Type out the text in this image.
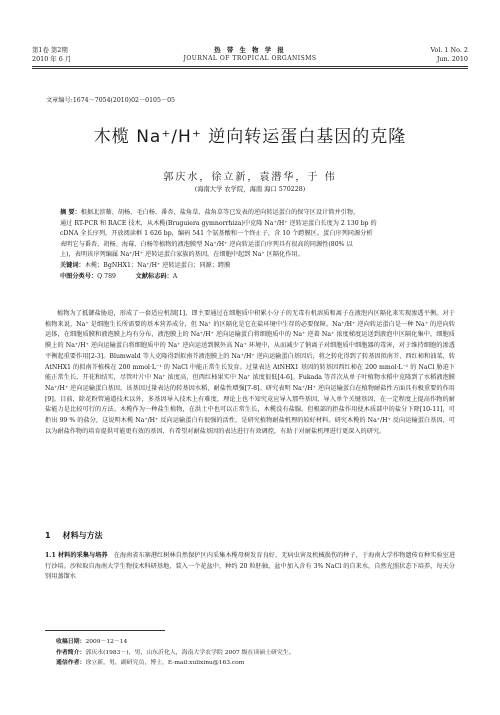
第1卷 第2期
2010 年 6 月
热 带 生 物 学 报
JOURNAL OF TROPICAL ORGANISMS
Vol. 1 No. 2
Jun. 2010
文章编号:1674－7054(2010)02－0105－05
木榄 Na⁺/H⁺ 逆向转运蛋白基因的克隆
郭庆水，徐立新，袁潜华，于 伟
(海南大学 农学院，海南 海口 570228)
摘 要：根据北滨藜、胡杨、毛白杨、番杏、盐角草、盐角草等已发表的逆向转运蛋白的保守区设计简并引物，
通过 RT-PCR 和 RACE 技术，从木榄(Bruguiera gymnorrhiza)中克隆 Na⁺/H⁺ 逆转运蛋白长度为 2 130 bp 的
cDNA 全长序列，开放阅读框 1 626 bp，编码 541 个氨基酸和一个终止子，含 10 个跨膜区。蛋白序列同源分析
表明它与番杏、胡杨、海莓、白杨等植物的液泡膜型 Na⁺/H⁺ 逆向转运蛋白序列具有很高的同源性(80% 以
上)，表明该序列编属 Na⁺/H⁺ 逆转运蛋白家族的基因，在细胞中起到 Na⁺ 区隔化作用。
关键词：木榄；BgNHX1；Na⁺/H⁺ 逆转运蛋白；同源；跨膜
中图分类号：Q 789	文献标志码：A

植物为了抵御盐胁迫，形成了一套适应机制[1]，即主要通过在细胞质中积累小分子的无毒有机溶质和离子在液泡内区隔化来实现渗透平衡。对于植物来说，Na⁺ 是细胞生长所需要的基本营养成分，但 Na⁺ 的区隔化是它在盐环境中生存的必要保障。Na⁺/H⁺ 逆向转运蛋白是一种 Na⁺ 的逆向转运体，在细胞质膜和液泡膜上均有分布，液泡膜上的 Na⁺/H⁺ 逆向运输蛋白将细胞质中的 Na⁺ 逆着 Na⁺ 浓度梯度运送到液泡中区隔化集中，细胞质膜上的 Na⁺/H⁺ 逆向运输蛋白将细胞质中的 Na⁺ 逆向运送到膜外高 Na⁺ 环境中，从而减少了钠离子对细胞质中细胞器的毒害，对于维持细胞的渗透平衡起重要作用[2-3]。Blumwald 等人克隆得到拟南芥液泡膜上的 Na⁺/H⁺ 逆向运输蛋白基因后，将之转化得到了转基因拟南芥、西红柿和油菜，转 AtNHX1 的拟南芥植株在 200 mmol·L⁻¹ 的 NaCl 中能正常生长发育。过量表达 AtNHX1 基因的转基因西红柿在 200 mmol·L⁻¹ 的 NaCl 胁迫下能正常生长、开花和结实，尽管叶片中 Na⁺ 浓度高，但西红柿果实中 Na⁺ 浓度很低[4-6]。Fukada 等首次从单子叶植物水稻中克隆到了水稻液泡膜 Na⁺/H⁺ 逆向运输蛋白基因，该基因过量表达的转基因水稻，耐盐性增强[7-8]。研究表明 Na⁺/H⁺ 逆向运输蛋白在植物耐盐性方面具有极重要的作用[9]。目前，除花粉管通道技术以外，多基因导入技术上有难度，理论上也不知究竟应导入那些基因，导入单个关键基因，在一定程度上提高作物的耐盐能力是比较可行的方法。木榄作为一种盐生植物，在洪土中也可以正常生长，木榄没有盐腺。但根部的拒盐作用使木质部中的盐分下降[10-11]，可拒出 99 % 的盐分，这说明木榄 Na⁺/H⁺ 反向运输蛋白有很强的活性，是研究植物耐盐机理的较好材料。研究木榄的 Na⁺/H⁺ 反向运输蛋白基因，可以为耐盐作物的培育提供可能更有效的基因，有希望对耐盐基因的表达进行有效调控，有助于对耐盐机理进行更深入的研究。

1 材料与方法
1.1 材料的采集与培养 在海南省东寨港红树林自然保护区内采集木榄母树发育良好、无病虫害及机械损伤的种子，于海南大学作物遗传育种实验室进行沙培。沙粒取自海南大学生物技术科研基地，装入一个花盆中，种约 20 粒胚轴，盆中加入含有 3% NaCl 的自来水，自然光照状态下培养，每天分别用蒸馏水
收稿日期：2009－12－14
作者简介：郭庆水(1983－)，男，山东沂化人，海南大学农学院 2007 级在读硕士研究生。
通信作者：徐立新，男，副研究员，博士，E-mail:xulixinu@163.com
